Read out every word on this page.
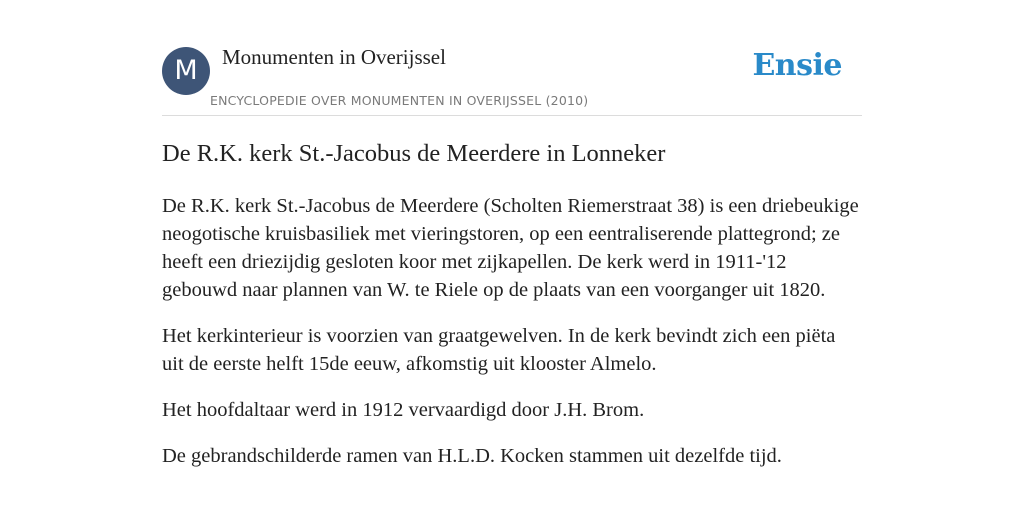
M	Monumenten in Overijssel
ENCYCLOPEDIE OVER MONUMENTEN IN OVERIJSSEL (2010)
Ensie
De R.K. kerk St.-Jacobus de Meerdere in Lonneker

De R.K. kerk St.-Jacobus de Meerdere (Scholten Riemerstraat 38) is een driebeukige neogotische kruisbasiliek met vieringstoren, op een eentraliserende plattegrond; ze heeft een driezijdig gesloten koor met zijkapellen. De kerk werd in 1911-'12 gebouwd naar plannen van W. te Riele op de plaats van een voorganger uit 1820.

Het kerkinterieur is voorzien van graatgewelven. In de kerk bevindt zich een piëta uit de eerste helft 15de eeuw, afkomstig uit klooster Almelo.

Het hoofdaltaar werd in 1912 vervaardigd door J.H. Brom.

De gebrandschilderde ramen van H.L.D. Kocken stammen uit dezelfde tijd.
